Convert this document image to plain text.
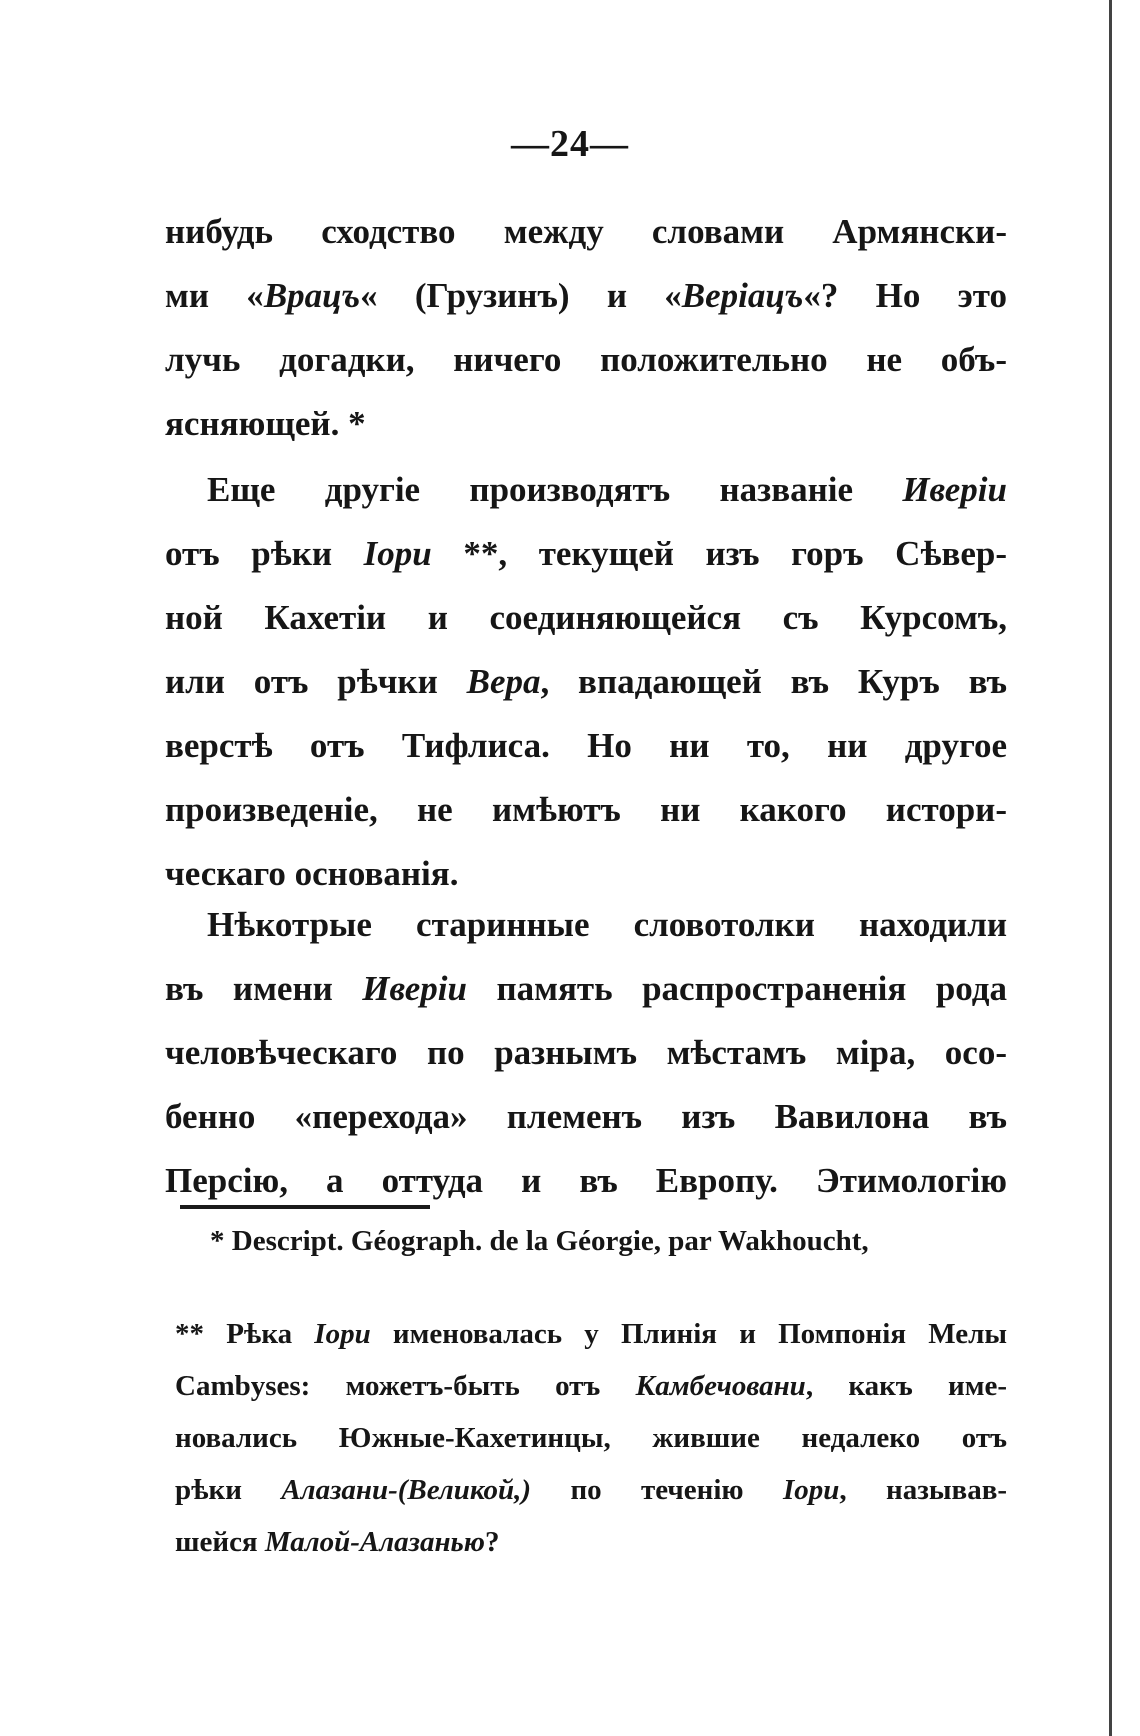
—24—
нибудь сходство между словами Армянски-
ми «Врацъ« (Грузинъ) и «Верiацъ«? Но это
лучь догадки, ничего положительно не объ-
ясняющей. *
Еще другiе производятъ названiе Иверiи
отъ рѣки Iори **, текущей изъ горъ Сѣвер-
ной Кахетiи и соединяющейся съ Курсомъ,
или отъ рѣчки Вера, впадающей въ Куръ въ
верстѣ отъ Тифлиса. Но ни то, ни другое
произведенiе, не имѣютъ ни какого истори-
ческаго основанiя.
Нѣкотрые старинные словотолки находили
въ имени Иверiи память распространенiя рода
человѣческаго по разнымъ мѣстамъ мiра, осо-
бенно «перехода» племенъ изъ Вавилона въ
Персiю, а оттуда и въ Европу. Этимологiю
* Descript. Géograph. de la Géorgie, par Wakhoucht,
** Рѣка Iори именовалась у Плинiя и Помпонiя Мелы
Cambyses: можетъ-быть отъ Камбечовани, какъ име-
новались Южные-Кахетинцы, жившие недалеко отъ
рѣки Алазани-(Великой,) по теченiю Iори, называв-
шейся Малой-Алазанью?
